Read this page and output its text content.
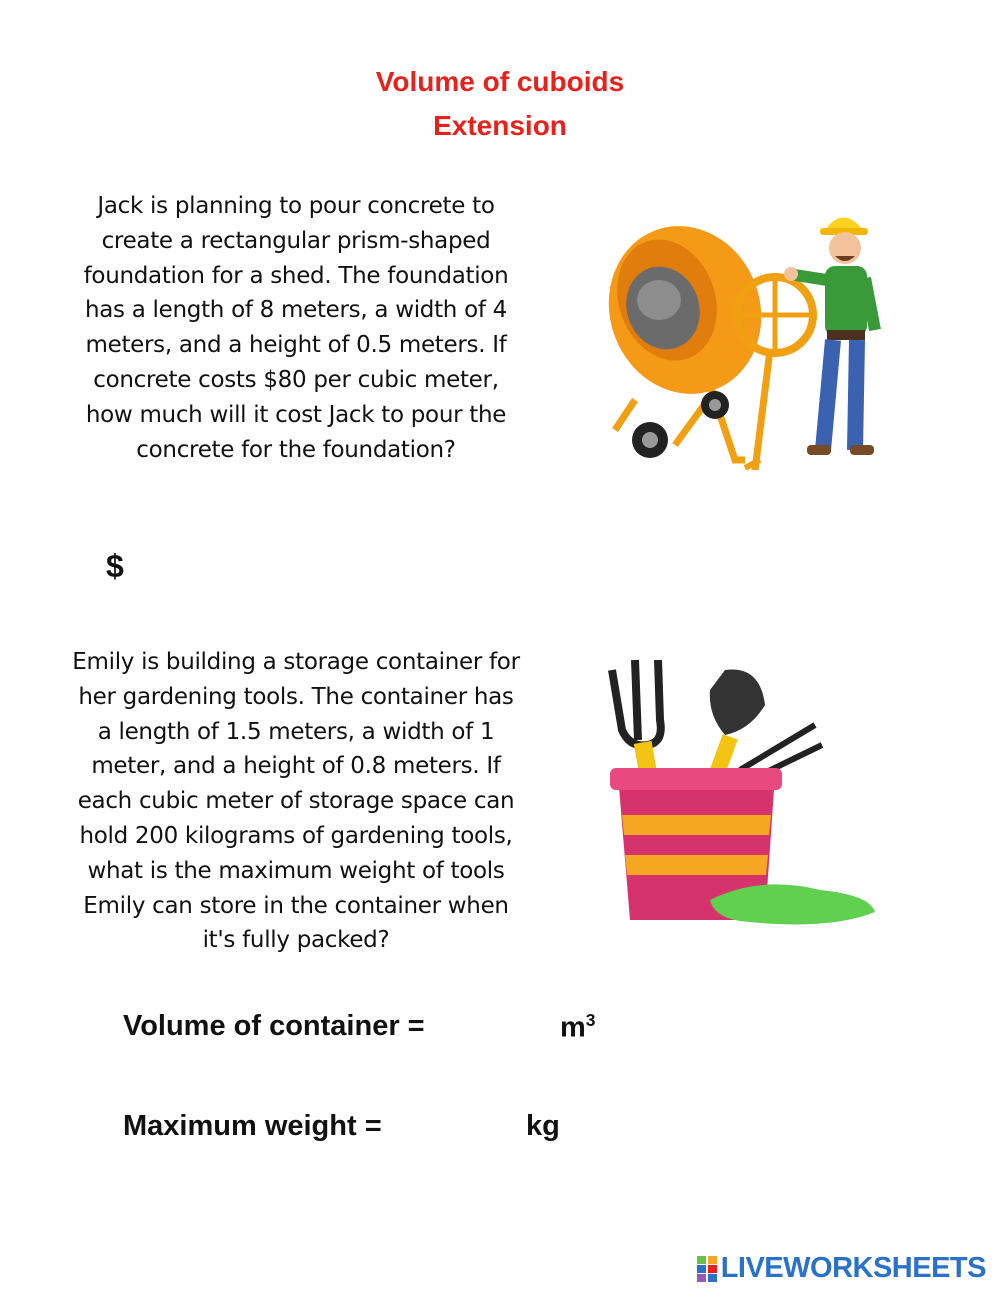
Volume of cuboids
Extension
Jack is planning to pour concrete to create a rectangular prism-shaped foundation for a shed. The foundation has a length of 8 meters, a width of 4 meters, and a height of 0.5 meters. If concrete costs $80 per cubic meter, how much will it cost Jack to pour the concrete for the foundation?
$
Emily is building a storage container for her gardening tools. The container has a length of 1.5 meters, a width of 1 meter, and a height of 0.8 meters. If each cubic meter of storage space can hold 200 kilograms of gardening tools, what is the maximum weight of tools Emily can store in the container when it's fully packed?
Volume of container =	$m^3$
Maximum weight =	kg
LIVEWORKSHEETS
